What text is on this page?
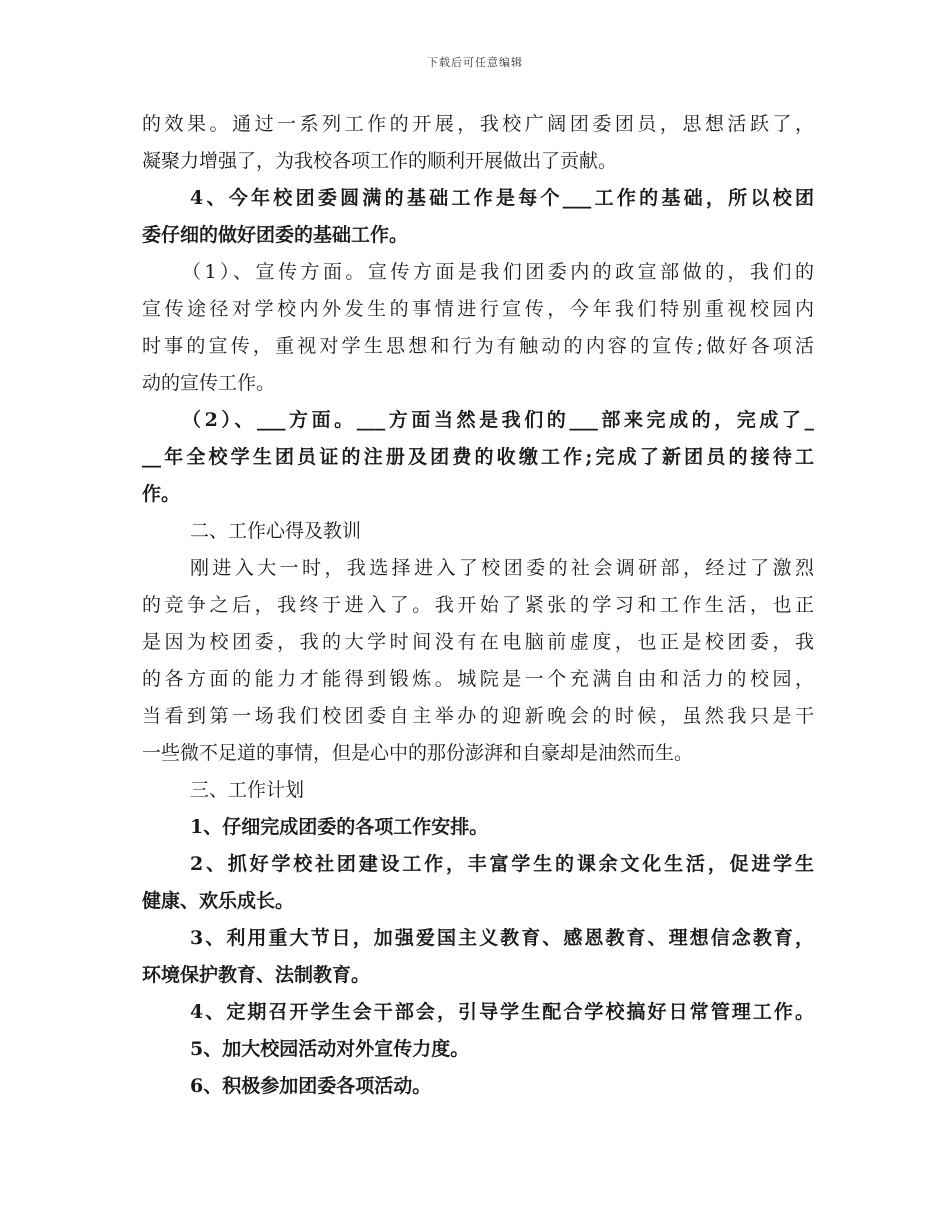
下载后可任意编辑
的效果。通过一系列工作的开展，我校广阔团委团员，思想活跃了，
凝聚力增强了，为我校各项工作的顺利开展做出了贡献。
4、今年校团委圆满的基础工作是每个___工作的基础，所以校团
委仔细的做好团委的基础工作。
（1）、宣传方面。宣传方面是我们团委内的政宣部做的，我们的
宣传途径对学校内外发生的事情进行宣传，今年我们特别重视校园内
时事的宣传，重视对学生思想和行为有触动的内容的宣传;做好各项活
动的宣传工作。
（2）、___方面。___方面当然是我们的___部来完成的，完成了_
__年全校学生团员证的注册及团费的收缴工作;完成了新团员的接待工
作。
二、工作心得及教训
刚进入大一时，我选择进入了校团委的社会调研部，经过了激烈
的竞争之后，我终于进入了。我开始了紧张的学习和工作生活，也正
是因为校团委，我的大学时间没有在电脑前虚度，也正是校团委，我
的各方面的能力才能得到锻炼。城院是一个充满自由和活力的校园，
当看到第一场我们校团委自主举办的迎新晚会的时候，虽然我只是干
一些微不足道的事情，但是心中的那份澎湃和自豪却是油然而生。
三、工作计划
1、仔细完成团委的各项工作安排。
2、抓好学校社团建设工作，丰富学生的课余文化生活，促进学生
健康、欢乐成长。
3、利用重大节日，加强爱国主义教育、感恩教育、理想信念教育，
环境保护教育、法制教育。
4、定期召开学生会干部会，引导学生配合学校搞好日常管理工作。
5、加大校园活动对外宣传力度。
6、积极参加团委各项活动。
